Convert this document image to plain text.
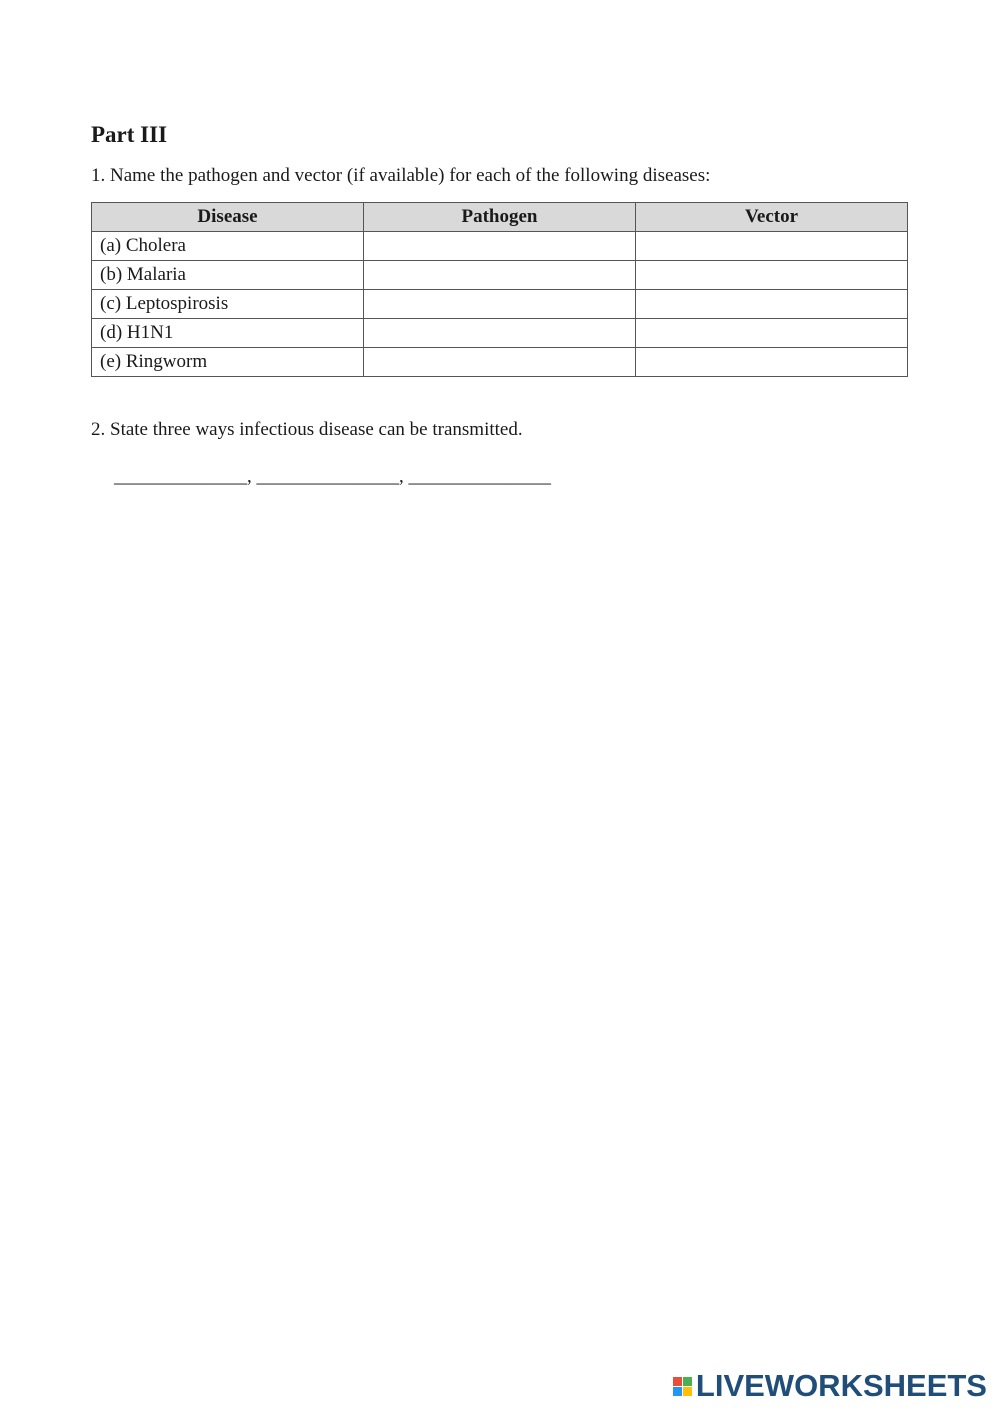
Part III

1. Name the pathogen and vector (if available) for each of the following diseases:

Disease	Pathogen	Vector
(a) Cholera		
(b) Malaria		
(c) Leptospirosis		
(d) H1N1		
(e) Ringworm		

2. State three ways infectious disease can be transmitted.

______________, _______________, _______________

LIVEWORKSHEETS
